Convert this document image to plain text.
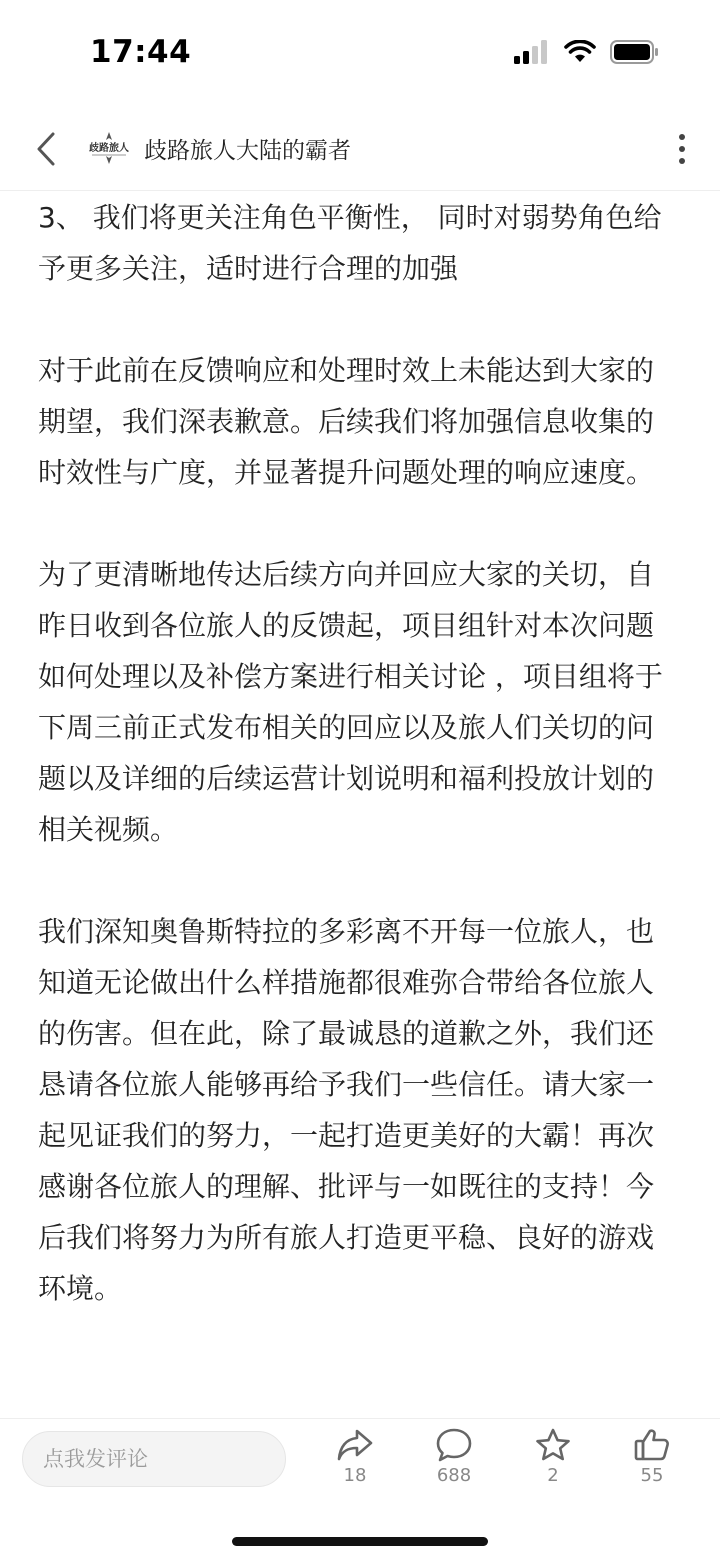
17:44
歧路旅人 歧路旅人大陆的霸者

3、 我们将更关注角色平衡性， 同时对弱势角色给予更多关注，适时进行合理的加强

对于此前在反馈响应和处理时效上未能达到大家的期望，我们深表歉意。后续我们将加强信息收集的时效性与广度，并显著提升问题处理的响应速度。

为了更清晰地传达后续方向并回应大家的关切，自昨日收到各位旅人的反馈起，项目组针对本次问题如何处理以及补偿方案进行相关讨论 ，项目组将于下周三前正式发布相关的回应以及旅人们关切的问题以及详细的后续运营计划说明和福利投放计划的相关视频。

我们深知奥鲁斯特拉的多彩离不开每一位旅人，也知道无论做出什么样措施都很难弥合带给各位旅人的伤害。但在此，除了最诚恳的道歉之外，我们还恳请各位旅人能够再给予我们一些信任。请大家一起见证我们的努力，一起打造更美好的大霸！再次感谢各位旅人的理解、批评与一如既往的支持！今后我们将努力为所有旅人打造更平稳、良好的游戏环境。

点我发评论
18	688	2	55
